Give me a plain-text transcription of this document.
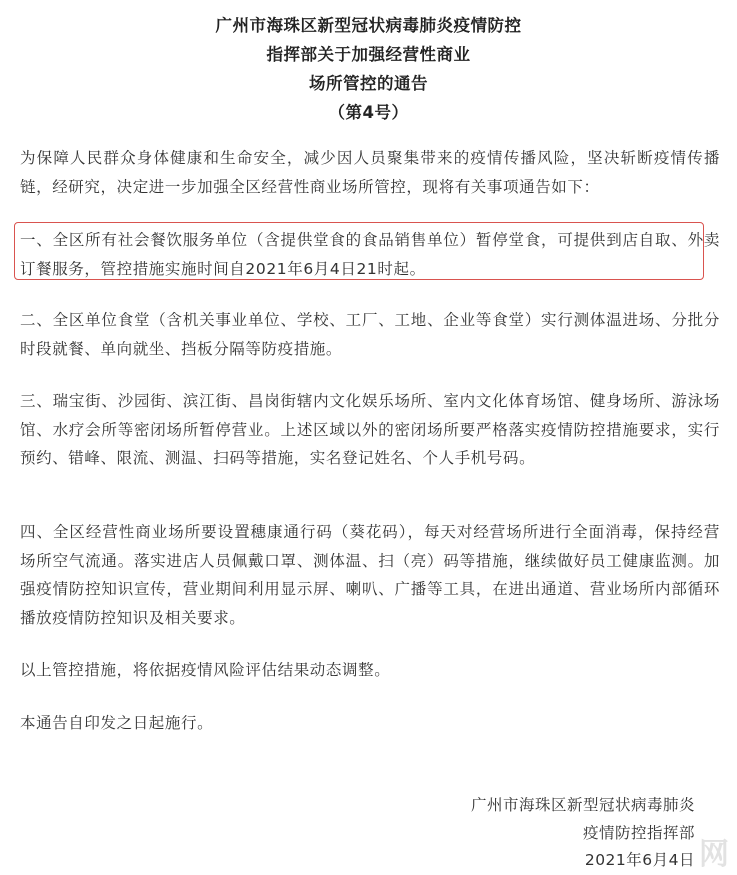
广州市海珠区新型冠状病毒肺炎疫情防控
指挥部关于加强经营性商业
场所管控的通告
（第4号）

为保障人民群众身体健康和生命安全，减少因人员聚集带来的疫情传播风险，坚决斩断疫情传播链，经研究，决定进一步加强全区经营性商业场所管控，现将有关事项通告如下：

一、全区所有社会餐饮服务单位（含提供堂食的食品销售单位）暂停堂食，可提供到店自取、外卖订餐服务，管控措施实施时间自2021年6月4日21时起。

二、全区单位食堂（含机关事业单位、学校、工厂、工地、企业等食堂）实行测体温进场、分批分时段就餐、单向就坐、挡板分隔等防疫措施。

三、瑞宝街、沙园街、滨江街、昌岗街辖内文化娱乐场所、室内文化体育场馆、健身场所、游泳场馆、水疗会所等密闭场所暂停营业。上述区域以外的密闭场所要严格落实疫情防控措施要求，实行预约、错峰、限流、测温、扫码等措施，实名登记姓名、个人手机号码。

四、全区经营性商业场所要设置穗康通行码（葵花码），每天对经营场所进行全面消毒，保持经营场所空气流通。落实进店人员佩戴口罩、测体温、扫（亮）码等措施，继续做好员工健康监测。加强疫情防控知识宣传，营业期间利用显示屏、喇叭、广播等工具，在进出通道、营业场所内部循环播放疫情防控知识及相关要求。

以上管控措施，将依据疫情风险评估结果动态调整。

本通告自印发之日起施行。

广州市海珠区新型冠状病毒肺炎
疫情防控指挥部
2021年6月4日 网
